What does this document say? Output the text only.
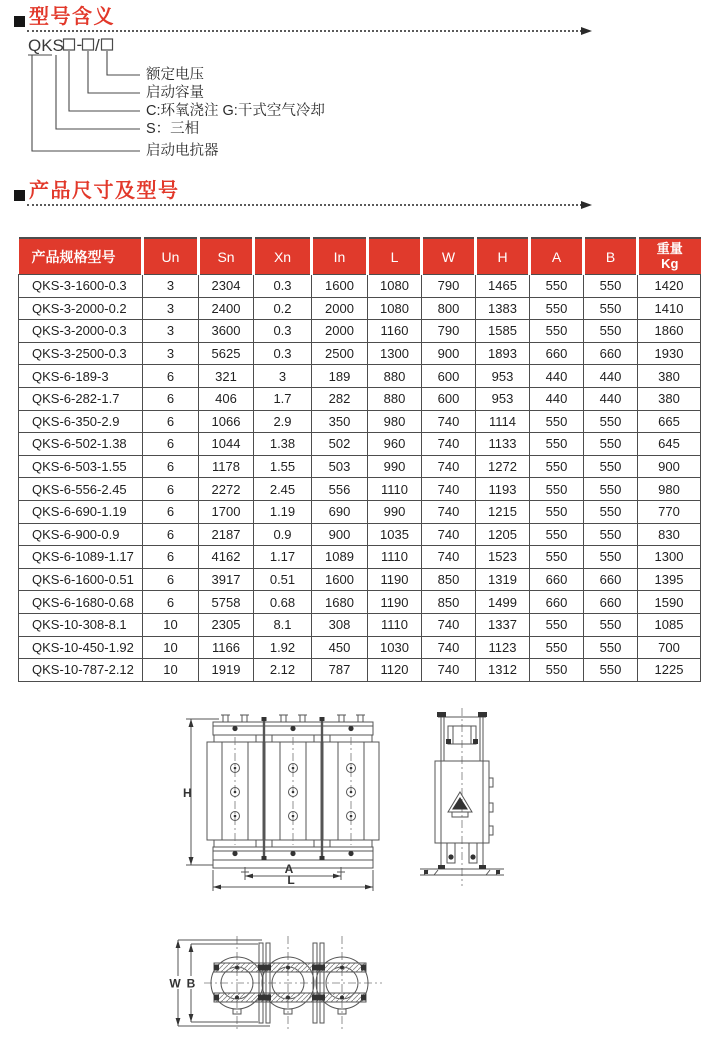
型号含义
QKS - /
额定电压
启动容量
C:环氧浇注 G:干式空气冷却
S：三相
启动电抗器
产品尺寸及型号
产品规格型号	Un	Sn	Xn	In	L	W	H	A	B	重量
Kg

QKS-3-1600-0.3	3	2304	0.3	1600	1080	790	1465	550	550	1420
QKS-3-2000-0.2	3	2400	0.2	2000	1080	800	1383	550	550	1410
QKS-3-2000-0.3	3	3600	0.3	2000	1160	790	1585	550	550	1860
QKS-3-2500-0.3	3	5625	0.3	2500	1300	900	1893	660	660	1930
QKS-6-189-3	6	321	3	189	880	600	953	440	440	380
QKS-6-282-1.7	6	406	1.7	282	880	600	953	440	440	380
QKS-6-350-2.9	6	1066	2.9	350	980	740	1114	550	550	665
QKS-6-502-1.38	6	1044	1.38	502	960	740	1133	550	550	645
QKS-6-503-1.55	6	1178	1.55	503	990	740	1272	550	550	900
QKS-6-556-2.45	6	2272	2.45	556	1110	740	1193	550	550	980
QKS-6-690-1.19	6	1700	1.19	690	990	740	1215	550	550	770
QKS-6-900-0.9	6	2187	0.9	900	1035	740	1205	550	550	830
QKS-6-1089-1.17	6	4162	1.17	1089	1110	740	1523	550	550	1300
QKS-6-1600-0.51	6	3917	0.51	1600	1190	850	1319	660	660	1395
QKS-6-1680-0.68	6	5758	0.68	1680	1190	850	1499	660	660	1590
QKS-10-308-8.1	10	2305	8.1	308	1110	740	1337	550	550	1085
QKS-10-450-1.92	10	1166	1.92	450	1030	740	1123	550	550	700
QKS-10-787-2.12	10	1919	2.12	787	1120	740	1312	550	550	1225
H
A
L
W B
